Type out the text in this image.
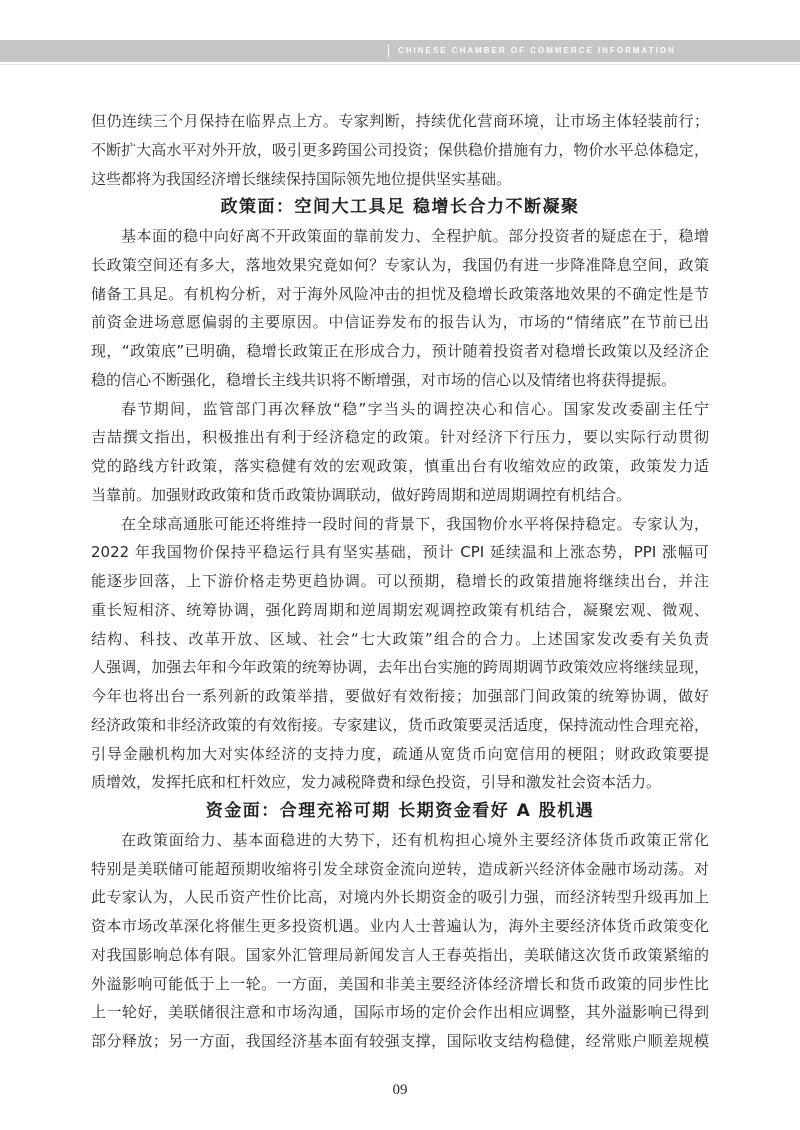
CHINESE CHAMBER OF COMMERCE INFORMATION
但仍连续三个月保持在临界点上方。专家判断，持续优化营商环境，让市场主体轻装前行；
不断扩大高水平对外开放，吸引更多跨国公司投资；保供稳价措施有力，物价水平总体稳定，
这些都将为我国经济增长继续保持国际领先地位提供坚实基础。
政策面：空间大工具足 稳增长合力不断凝聚
基本面的稳中向好离不开政策面的靠前发力、全程护航。部分投资者的疑虑在于，稳增
长政策空间还有多大，落地效果究竟如何？专家认为，我国仍有进一步降准降息空间，政策
储备工具足。有机构分析，对于海外风险冲击的担忧及稳增长政策落地效果的不确定性是节
前资金进场意愿偏弱的主要原因。中信证券发布的报告认为，市场的“情绪底”在节前已出
现，“政策底”已明确，稳增长政策正在形成合力，预计随着投资者对稳增长政策以及经济企
稳的信心不断强化，稳增长主线共识将不断增强，对市场的信心以及情绪也将获得提振。
春节期间，监管部门再次释放“稳”字当头的调控决心和信心。国家发改委副主任宁
吉喆撰文指出，积极推出有利于经济稳定的政策。针对经济下行压力，要以实际行动贯彻
党的路线方针政策，落实稳健有效的宏观政策，慎重出台有收缩效应的政策，政策发力适
当靠前。加强财政政策和货币政策协调联动，做好跨周期和逆周期调控有机结合。
在全球高通胀可能还将维持一段时间的背景下，我国物价水平将保持稳定。专家认为，
2022 年我国物价保持平稳运行具有坚实基础，预计 CPI 延续温和上涨态势，PPI 涨幅可
能逐步回落，上下游价格走势更趋协调。可以预期，稳增长的政策措施将继续出台，并注
重长短相济、统筹协调，强化跨周期和逆周期宏观调控政策有机结合，凝聚宏观、微观、
结构、科技、改革开放、区域、社会“七大政策”组合的合力。上述国家发改委有关负责
人强调，加强去年和今年政策的统筹协调，去年出台实施的跨周期调节政策效应将继续显现，
今年也将出台一系列新的政策举措，要做好有效衔接；加强部门间政策的统筹协调，做好
经济政策和非经济政策的有效衔接。专家建议，货币政策要灵活适度，保持流动性合理充裕，
引导金融机构加大对实体经济的支持力度，疏通从宽货币向宽信用的梗阻；财政政策要提
质增效，发挥托底和杠杆效应，发力减税降费和绿色投资，引导和激发社会资本活力。
资金面：合理充裕可期 长期资金看好 A 股机遇
在政策面给力、基本面稳进的大势下，还有机构担心境外主要经济体货币政策正常化
特别是美联储可能超预期收缩将引发全球资金流向逆转，造成新兴经济体金融市场动荡。对
此专家认为，人民币资产性价比高，对境内外长期资金的吸引力强，而经济转型升级再加上
资本市场改革深化将催生更多投资机遇。业内人士普遍认为，海外主要经济体货币政策变化
对我国影响总体有限。国家外汇管理局新闻发言人王春英指出，美联储这次货币政策紧缩的
外溢影响可能低于上一轮。一方面，美国和非美主要经济体经济增长和货币政策的同步性比
上一轮好，美联储很注意和市场沟通，国际市场的定价会作出相应调整，其外溢影响已得到
部分释放；另一方面，我国经济基本面有较强支撑，国际收支结构稳健，经常账户顺差规模
09
